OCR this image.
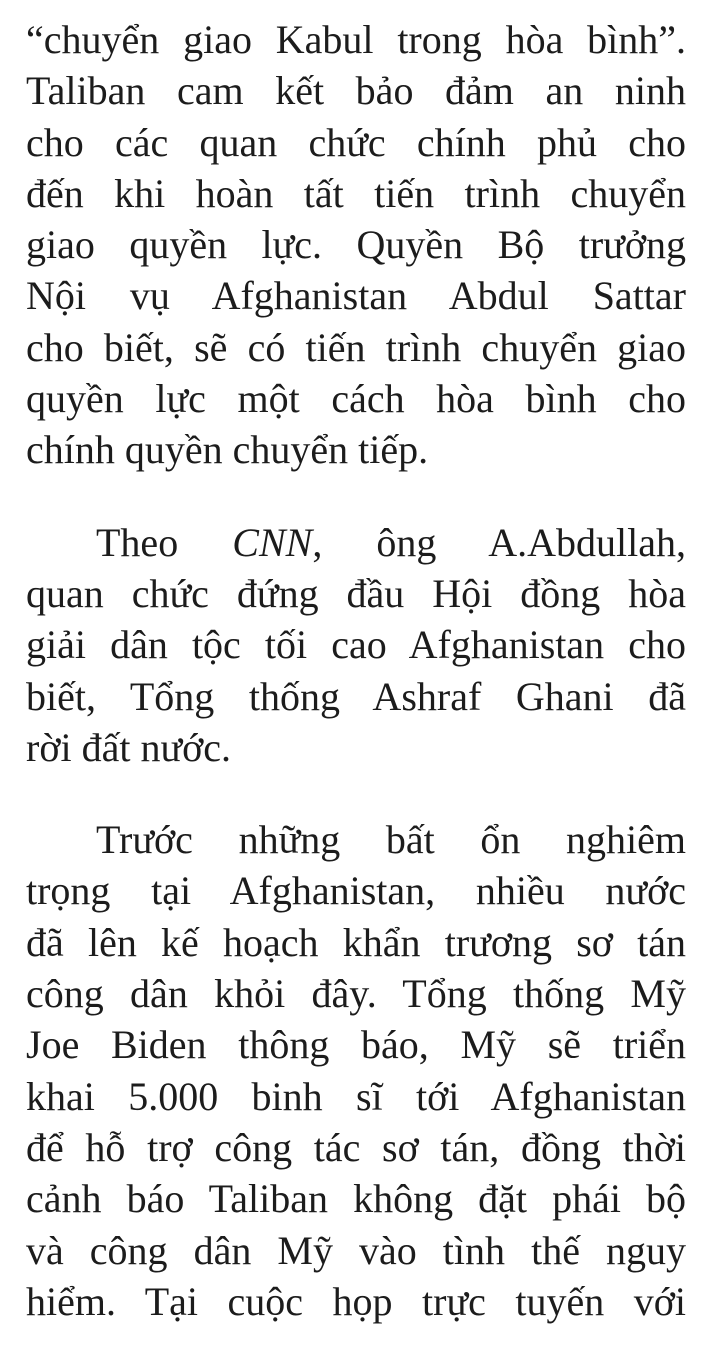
“chuyển giao Kabul trong hòa bình”.
Taliban cam kết bảo đảm an ninh
cho các quan chức chính phủ cho
đến khi hoàn tất tiến trình chuyển
giao quyền lực. Quyền Bộ trưởng
Nội vụ Afghanistan Abdul Sattar
cho biết, sẽ có tiến trình chuyển giao
quyền lực một cách hòa bình cho
chính quyền chuyển tiếp.
Theo CNN, ông A.Abdullah,
quan chức đứng đầu Hội đồng hòa
giải dân tộc tối cao Afghanistan cho
biết, Tổng thống Ashraf Ghani đã
rời đất nước.
Trước những bất ổn nghiêm
trọng tại Afghanistan, nhiều nước
đã lên kế hoạch khẩn trương sơ tán
công dân khỏi đây. Tổng thống Mỹ
Joe Biden thông báo, Mỹ sẽ triển
khai 5.000 binh sĩ tới Afghanistan
để hỗ trợ công tác sơ tán, đồng thời
cảnh báo Taliban không đặt phái bộ
và công dân Mỹ vào tình thế nguy
hiểm. Tại cuộc họp trực tuyến với
